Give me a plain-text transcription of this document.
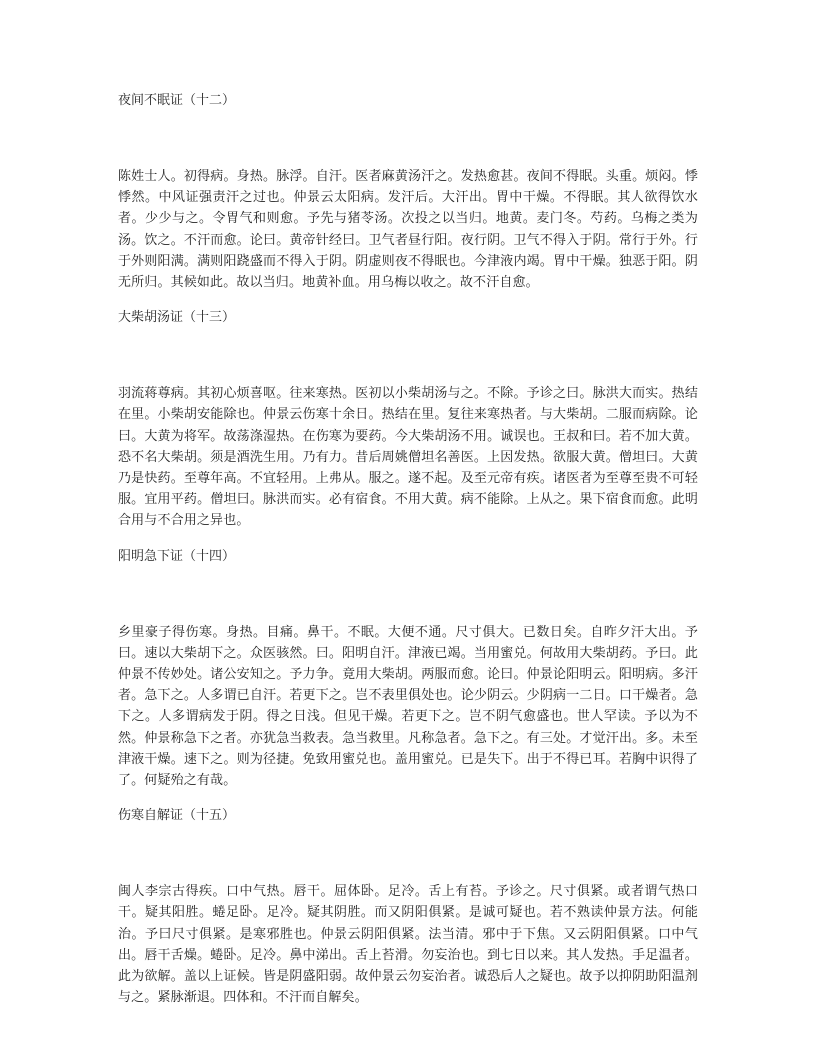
夜间不眠证（十二）

陈姓士人。初得病。身热。脉浮。自汗。医者麻黄汤汗之。发热愈甚。夜间不得眠。头重。烦闷。悸悸然。中风证强责汗之过也。仲景云太阳病。发汗后。大汗出。胃中干燥。不得眠。其人欲得饮水者。少少与之。令胃气和则愈。予先与猪苓汤。次投之以当归。地黄。麦门冬。芍药。乌梅之类为汤。饮之。不汗而愈。论曰。黄帝针经曰。卫气者昼行阳。夜行阴。卫气不得入于阴。常行于外。行于外则阳满。满则阳跷盛而不得入于阴。阴虚则夜不得眠也。今津液内竭。胃中干燥。独恶于阳。阴无所归。其候如此。故以当归。地黄补血。用乌梅以收之。故不汗自愈。

大柴胡汤证（十三）

羽流蒋尊病。其初心烦喜呕。往来寒热。医初以小柴胡汤与之。不除。予诊之曰。脉洪大而实。热结在里。小柴胡安能除也。仲景云伤寒十余日。热结在里。复往来寒热者。与大柴胡。二服而病除。论曰。大黄为将军。故荡涤湿热。在伤寒为要药。今大柴胡汤不用。诚误也。王叔和曰。若不加大黄。恐不名大柴胡。须是酒洗生用。乃有力。昔后周姚僧坦名善医。上因发热。欲服大黄。僧坦曰。大黄乃是快药。至尊年高。不宜轻用。上弗从。服之。遂不起。及至元帝有疾。诸医者为至尊至贵不可轻服。宜用平药。僧坦曰。脉洪而实。必有宿食。不用大黄。病不能除。上从之。果下宿食而愈。此明合用与不合用之异也。

阳明急下证（十四）

乡里豪子得伤寒。身热。目痛。鼻干。不眠。大便不通。尺寸俱大。已数日矣。自昨夕汗大出。予曰。速以大柴胡下之。众医骇然。曰。阳明自汗。津液已竭。当用蜜兑。何故用大柴胡药。予曰。此仲景不传妙处。诸公安知之。予力争。竟用大柴胡。两服而愈。论曰。仲景论阳明云。阳明病。多汗者。急下之。人多谓已自汗。若更下之。岂不表里俱处也。论少阴云。少阴病一二日。口干燥者。急下之。人多谓病发于阴。得之日浅。但见干燥。若更下之。岂不阴气愈盛也。世人罕读。予以为不然。仲景称急下之者。亦犹急当救表。急当救里。凡称急者。急下之。有三处。才觉汗出。多。未至津液干燥。速下之。则为径捷。免致用蜜兑也。盖用蜜兑。已是失下。出于不得已耳。若胸中识得了了。何疑殆之有哉。

伤寒自解证（十五）

闽人李宗古得疾。口中气热。唇干。屈体卧。足冷。舌上有苔。予诊之。尺寸俱紧。或者谓气热口干。疑其阳胜。蜷足卧。足冷。疑其阴胜。而又阴阳俱紧。是诚可疑也。若不熟读仲景方法。何能治。予曰尺寸俱紧。是寒邪胜也。仲景云阴阳俱紧。法当清。邪中于下焦。又云阴阳俱紧。口中气出。唇干舌燥。蜷卧。足冷。鼻中涕出。舌上苔滑。勿妄治也。到七日以来。其人发热。手足温者。此为欲解。盖以上证候。皆是阴盛阳弱。故仲景云勿妄治者。诚恐后人之疑也。故予以抑阴助阳温剂与之。紧脉渐退。四体和。不汗而自解矣。
